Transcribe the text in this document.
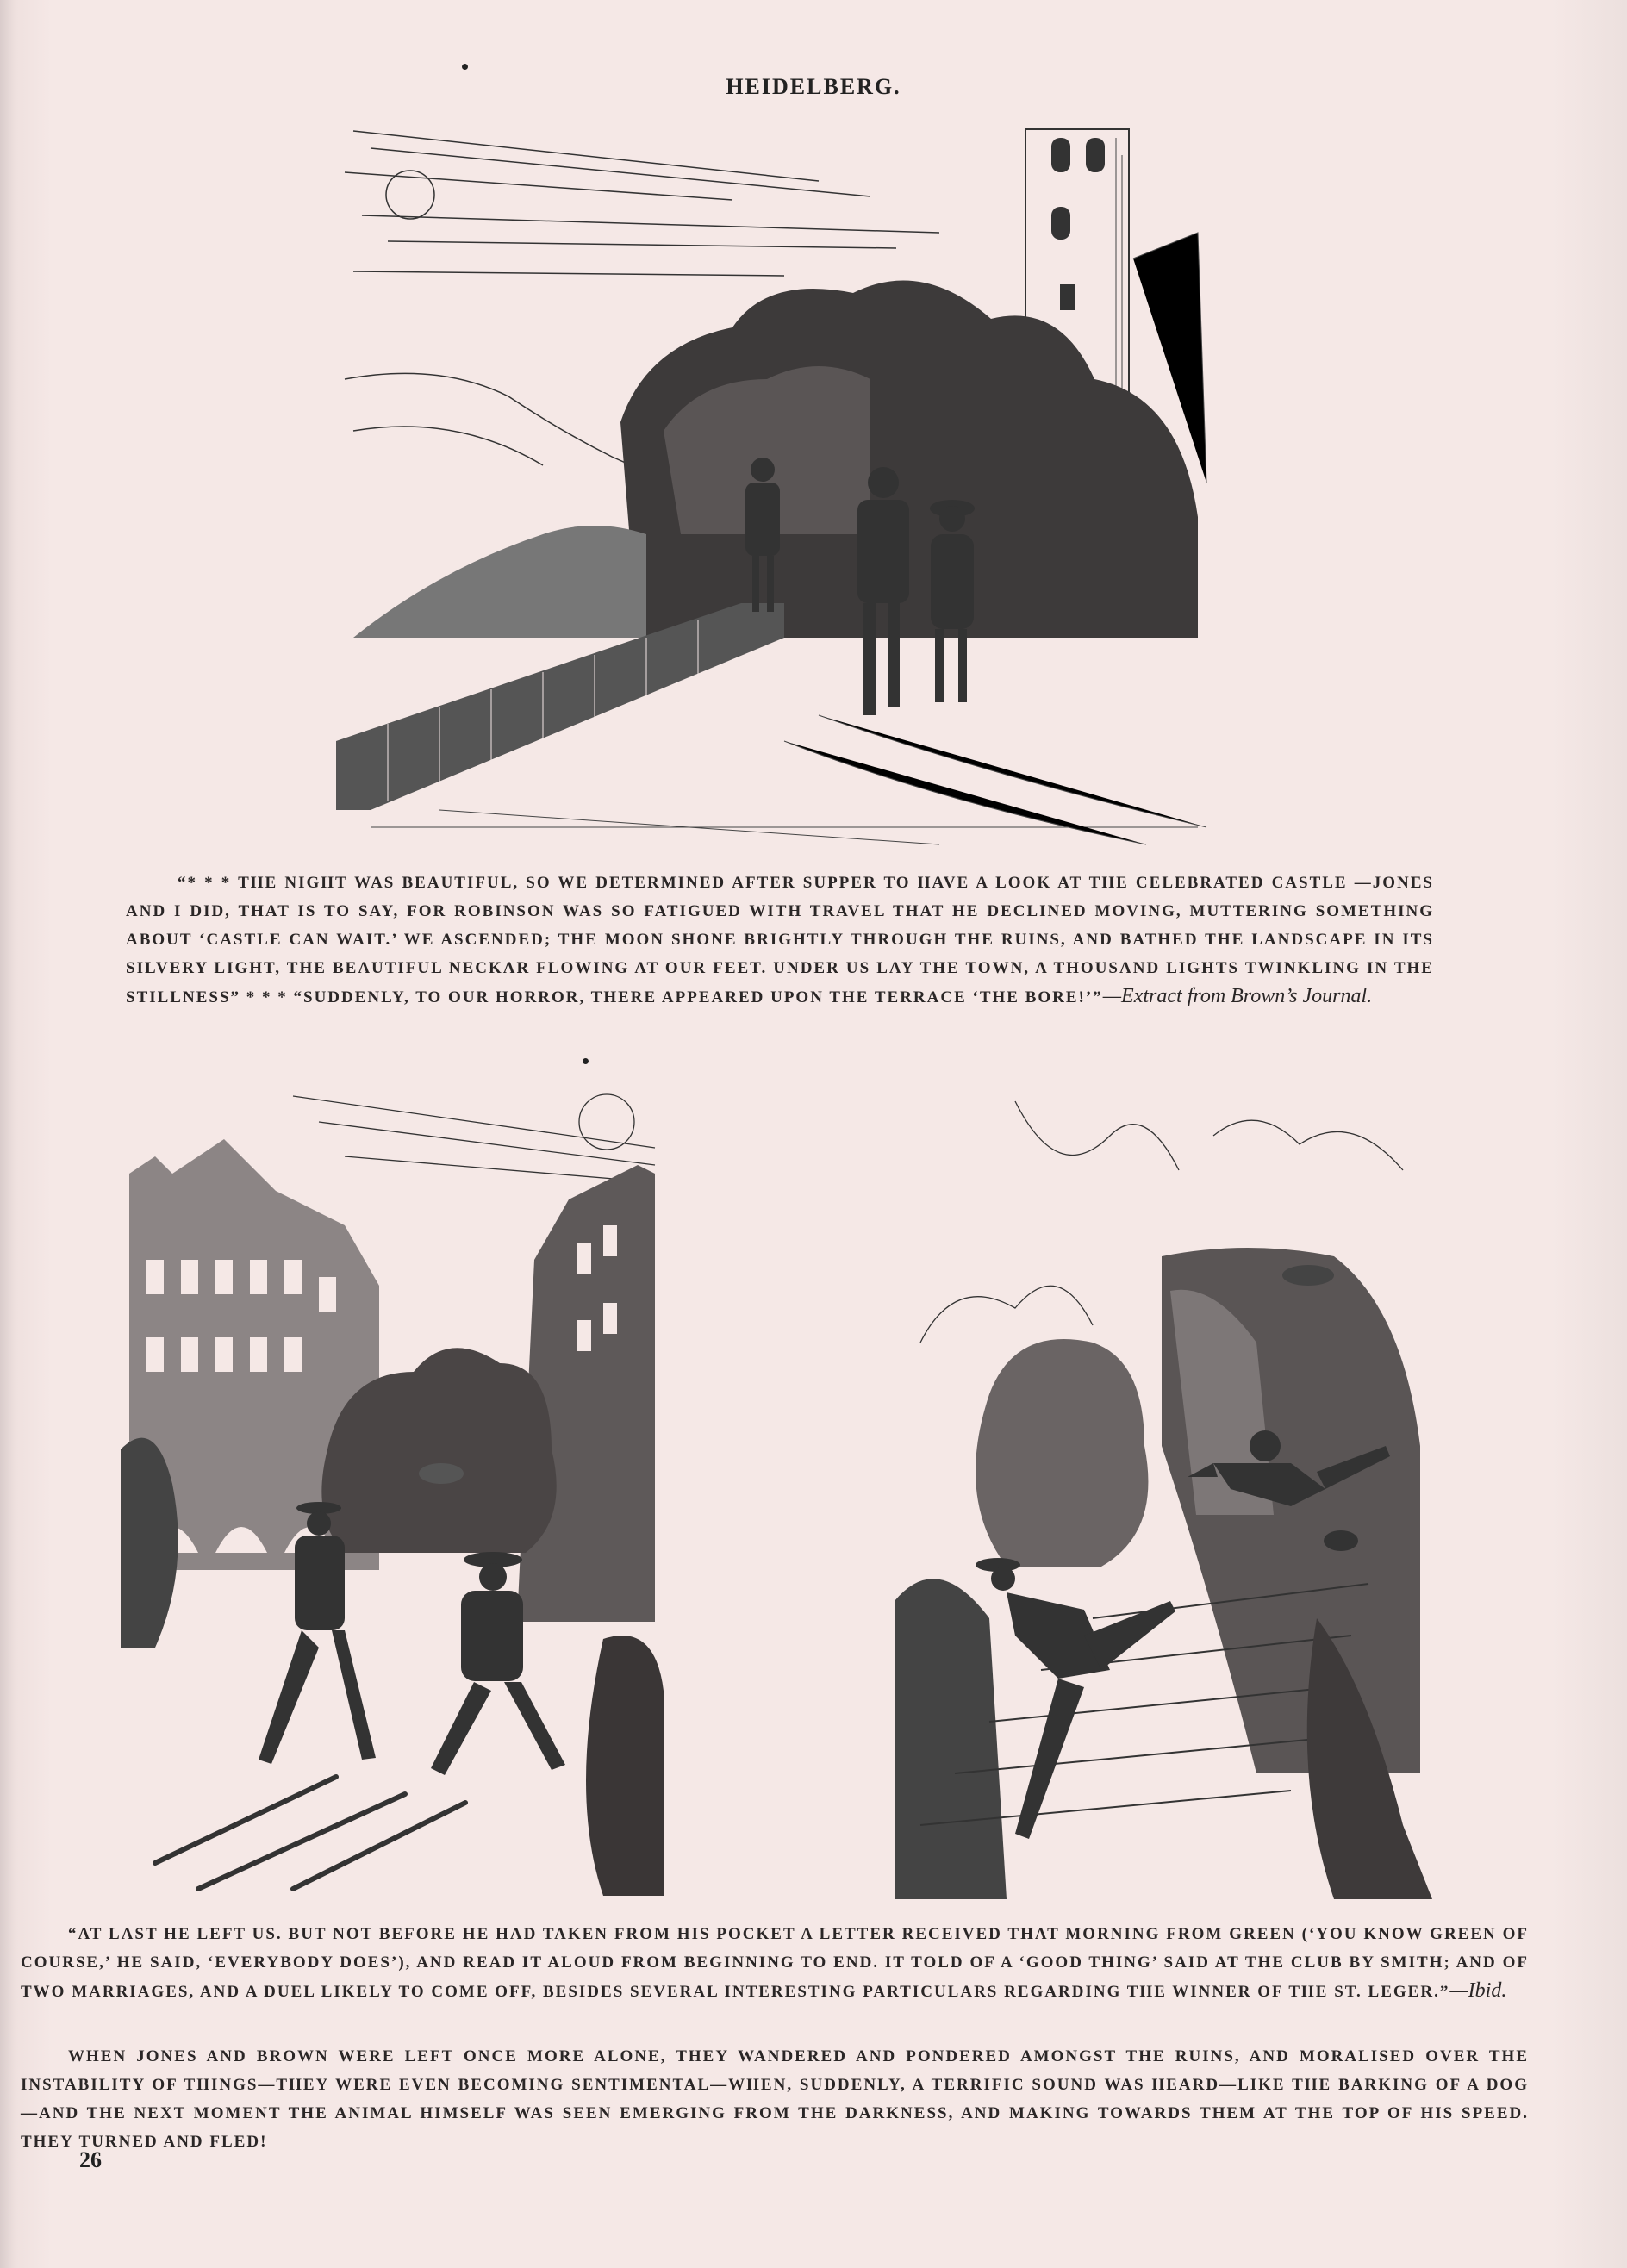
HEIDELBERG.
“* * * THE NIGHT WAS BEAUTIFUL, SO WE DETERMINED AFTER SUPPER TO HAVE A LOOK AT THE CELEBRATED CASTLE —JONES AND I DID, THAT IS TO SAY, FOR ROBINSON WAS SO FATIGUED WITH TRAVEL THAT HE DECLINED MOVING, MUTTERING SOMETHING ABOUT ‘CASTLE CAN WAIT.’ WE ASCENDED; THE MOON SHONE BRIGHTLY THROUGH THE RUINS, AND BATHED THE LANDSCAPE IN ITS SILVERY LIGHT, THE BEAUTIFUL NECKAR FLOWING AT OUR FEET. UNDER US LAY THE TOWN, A THOUSAND LIGHTS TWINKLING IN THE STILLNESS” * * * “SUDDENLY, TO OUR HORROR, THERE APPEARED UPON THE TERRACE ‘THE BORE!’”—Extract from Brown’s Journal.
“AT LAST HE LEFT US. BUT NOT BEFORE HE HAD TAKEN FROM HIS POCKET A LETTER RECEIVED THAT MORNING FROM GREEN (‘YOU KNOW GREEN OF COURSE,’ HE SAID, ‘EVERYBODY DOES’), AND READ IT ALOUD FROM BEGINNING TO END. IT TOLD OF A ‘GOOD THING’ SAID AT THE CLUB BY SMITH; AND OF TWO MARRIAGES, AND A DUEL LIKELY TO COME OFF, BESIDES SEVERAL INTERESTING PARTICULARS REGARDING THE WINNER OF THE ST. LEGER.”—Ibid.
WHEN JONES AND BROWN WERE LEFT ONCE MORE ALONE, THEY WANDERED AND PONDERED AMONGST THE RUINS, AND MORALISED OVER THE INSTABILITY OF THINGS—THEY WERE EVEN BECOMING SENTIMENTAL—WHEN, SUDDENLY, A TERRIFIC SOUND WAS HEARD—LIKE THE BARKING OF A DOG —AND THE NEXT MOMENT THE ANIMAL HIMSELF WAS SEEN EMERGING FROM THE DARKNESS, AND MAKING TOWARDS THEM AT THE TOP OF HIS SPEED. THEY TURNED AND FLED!
26
